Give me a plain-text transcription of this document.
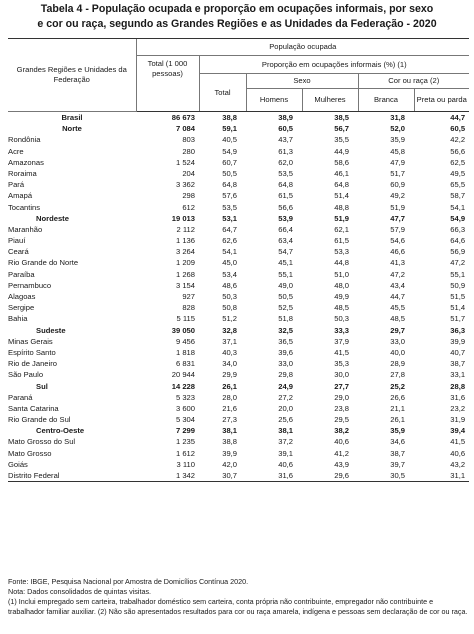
Tabela 4 - População ocupada e proporção em ocupações informais, por sexo
e cor ou raça, segundo as Grandes Regiões e as Unidades da Federação - 2020
Grandes Regiões e Unidades da Federação	População ocupada					
	Total (1 000 pessoas)	Proporção em ocupações informais (%) (1)				
		Total	Sexo		Cor ou raça (2)	
			Homens	Mulheres	Branca	Preta ou parda
Brasil	86 673	38,8	38,9	38,5	31,8	44,7
Norte	7 084	59,1	60,5	56,7	52,0	60,5
Rondônia	803	40,5	43,7	35,5	35,9	42,2
Acre	280	54,9	61,3	44,9	45,8	56,6
Amazonas	1 524	60,7	62,0	58,6	47,9	62,5
Roraima	204	50,5	53,5	46,1	51,7	49,5
Pará	3 362	64,8	64,8	64,8	60,9	65,5
Amapá	298	57,6	61,5	51,4	49,2	58,7
Tocantins	612	53,5	56,6	48,8	51,9	54,1
Nordeste	19 013	53,1	53,9	51,9	47,7	54,9
Maranhão	2 112	64,7	66,4	62,1	57,9	66,3
Piauí	1 136	62,6	63,4	61,5	54,6	64,6
Ceará	3 264	54,1	54,7	53,3	46,6	56,9
Rio Grande do Norte	1 209	45,0	45,1	44,8	41,3	47,2
Paraíba	1 268	53,4	55,1	51,0	47,2	55,1
Pernambuco	3 154	48,6	49,0	48,0	43,4	50,9
Alagoas	927	50,3	50,5	49,9	44,7	51,5
Sergipe	828	50,8	52,5	48,5	45,5	51,4
Bahia	5 115	51,2	51,8	50,3	48,5	51,7
Sudeste	39 050	32,8	32,5	33,3	29,7	36,3
Minas Gerais	9 456	37,1	36,5	37,9	33,0	39,9
Espírito Santo	1 818	40,3	39,6	41,5	40,0	40,7
Rio de Janeiro	6 831	34,0	33,0	35,3	28,9	38,7
São Paulo	20 944	29,9	29,8	30,0	27,8	33,1
Sul	14 228	26,1	24,9	27,7	25,2	28,8
Paraná	5 323	28,0	27,2	29,0	26,6	31,6
Santa Catarina	3 600	21,6	20,0	23,8	21,1	23,2
Rio Grande do Sul	5 304	27,3	25,6	29,5	26,1	31,9
Centro-Oeste	7 299	38,1	38,1	38,2	35,9	39,4
Mato Grosso do Sul	1 235	38,8	37,2	40,6	34,6	41,5
Mato Grosso	1 612	39,9	39,1	41,2	38,7	40,6
Goiás	3 110	42,0	40,6	43,9	39,7	43,2
Distrito Federal	1 342	30,7	31,6	29,6	30,5	31,1
Fonte: IBGE, Pesquisa Nacional por Amostra de Domicílios Contínua 2020.

Nota: Dados consolidados de quintas visitas.

(1) Inclui empregado sem carteira, trabalhador doméstico sem carteira, conta própria não contribuinte, empregador não contribuinte e trabalhador familiar auxiliar. (2) Não são apresentados resultados para cor ou raça amarela, indígena e pessoas sem declaração de cor ou raça.
